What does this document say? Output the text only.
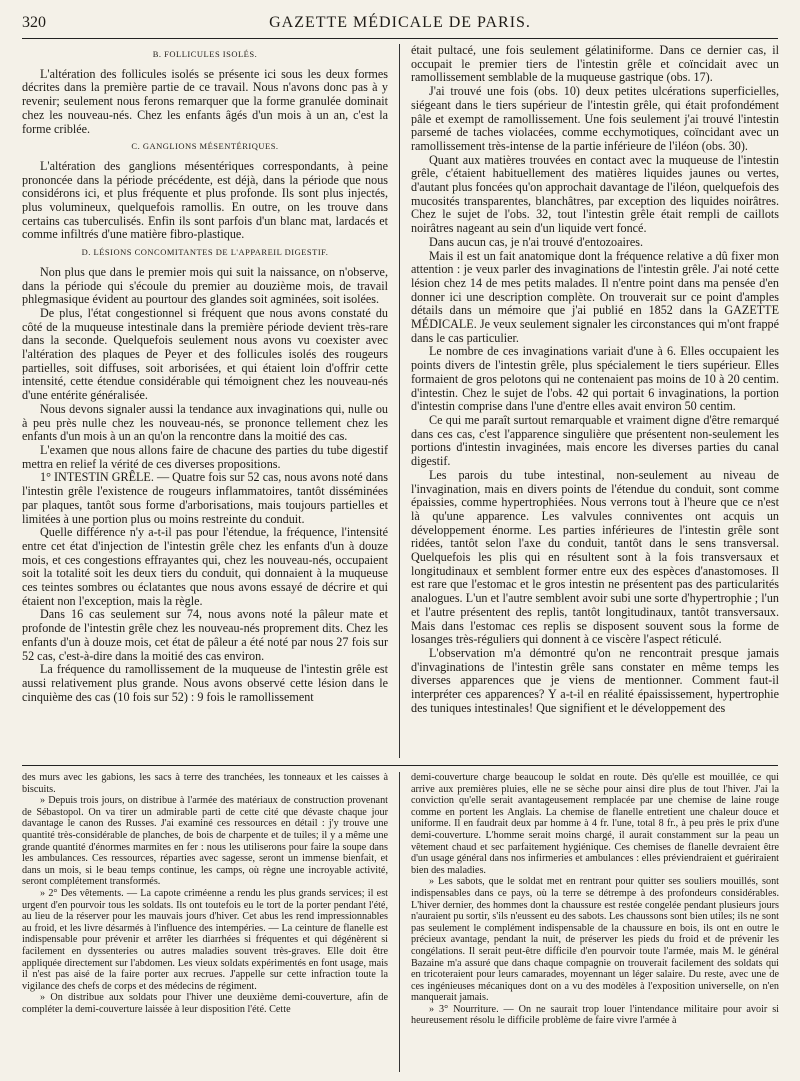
320	GAZETTE MÉDICALE DE PARIS.
B. FOLLICULES ISOLÉS.

L'altération des follicules isolés se présente ici sous les deux formes décrites dans la première partie de ce travail. Nous n'avons donc pas à y revenir; seulement nous ferons remarquer que la forme granulée dominait chez les nouveau-nés. Chez les enfants âgés d'un mois à un an, c'est la forme criblée.

C. GANGLIONS MÉSENTÉRIQUES.

L'altération des ganglions mésentériques correspondants, à peine prononcée dans la période précédente, est déjà, dans la période que nous considérons ici, et plus fréquente et plus profonde. Ils sont plus injectés, plus volumineux, quelquefois ramollis. En outre, on les trouve dans certains cas tuberculisés. Enfin ils sont parfois d'un blanc mat, lardacés et comme infiltrés d'une matière fibro-plastique.

D. LÉSIONS CONCOMITANTES DE L'APPAREIL DIGESTIF.

Non plus que dans le premier mois qui suit la naissance, on n'observe, dans la période qui s'écoule du premier au douzième mois, de travail phlegmasique évident au pourtour des glandes soit agminées, soit isolées.

De plus, l'état congestionnel si fréquent que nous avons constaté du côté de la muqueuse intestinale dans la première période devient très-rare dans la seconde. Quelquefois seulement nous avons vu coexister avec l'altération des plaques de Peyer et des follicules isolés des rougeurs partielles, soit diffuses, soit arborisées, et qui étaient loin d'offrir cette intensité, cette étendue considérable qui témoignent chez les nouveau-nés d'une entérite généralisée.

Nous devons signaler aussi la tendance aux invaginations qui, nulle ou à peu près nulle chez les nouveau-nés, se prononce tellement chez les enfants d'un mois à un an qu'on la rencontre dans la moitié des cas.

L'examen que nous allons faire de chacune des parties du tube digestif mettra en relief la vérité de ces diverses propositions.

1° INTESTIN GRÊLE. — Quatre fois sur 52 cas, nous avons noté dans l'intestin grêle l'existence de rougeurs inflammatoires, tantôt disséminées par plaques, tantôt sous forme d'arborisations, mais toujours partielles et limitées à une portion plus ou moins restreinte du conduit.

Quelle différence n'y a-t-il pas pour l'étendue, la fréquence, l'intensité entre cet état d'injection de l'intestin grêle chez les enfants d'un à douze mois, et ces congestions effrayantes qui, chez les nouveau-nés, occupaient soit la totalité soit les deux tiers du conduit, qui donnaient à la muqueuse ces teintes sombres ou éclatantes que nous avons essayé de décrire et qui étaient non l'exception, mais la règle.

Dans 16 cas seulement sur 74, nous avons noté la pâleur mate et profonde de l'intestin grêle chez les nouveau-nés proprement dits. Chez les enfants d'un à douze mois, cet état de pâleur a été noté par nous 27 fois sur 52 cas, c'est-à-dire dans la moitié des cas environ.

La fréquence du ramollissement de la muqueuse de l'intestin grêle est aussi relativement plus grande. Nous avons observé cette lésion dans le cinquième des cas (10 fois sur 52) : 9 fois le ramollissement

était pultacé, une fois seulement gélatiniforme. Dans ce dernier cas, il occupait le premier tiers de l'intestin grêle et coïncidait avec un ramollissement semblable de la muqueuse gastrique (obs. 17).

J'ai trouvé une fois (obs. 10) deux petites ulcérations superficielles, siégeant dans le tiers supérieur de l'intestin grêle, qui était profondément pâle et exempt de ramollissement. Une fois seulement j'ai trouvé l'intestin parsemé de taches violacées, comme ecchymotiques, coïncidant avec un ramollissement très-intense de la partie inférieure de l'iléon (obs. 30).

Quant aux matières trouvées en contact avec la muqueuse de l'intestin grêle, c'étaient habituellement des matières liquides jaunes ou vertes, d'autant plus foncées qu'on approchait davantage de l'iléon, quelquefois des mucosités transparentes, blanchâtres, par exception des liquides noirâtres. Chez le sujet de l'obs. 32, tout l'intestin grêle était rempli de caillots noirâtres nageant au sein d'un liquide vert foncé.

Dans aucun cas, je n'ai trouvé d'entozoaires.

Mais il est un fait anatomique dont la fréquence relative a dû fixer mon attention : je veux parler des invaginations de l'intestin grêle. J'ai noté cette lésion chez 14 de mes petits malades. Il n'entre point dans ma pensée d'en donner ici une description complète. On trouverait sur ce point d'amples détails dans un mémoire que j'ai publié en 1852 dans la GAZETTE MÉDICALE. Je veux seulement signaler les circonstances qui m'ont frappé dans le cas particulier.

Le nombre de ces invaginations variait d'une à 6. Elles occupaient les points divers de l'intestin grêle, plus spécialement le tiers supérieur. Elles formaient de gros pelotons qui ne contenaient pas moins de 10 à 20 centim. d'intestin. Chez le sujet de l'obs. 42 qui portait 6 invaginations, la portion d'intestin comprise dans l'une d'entre elles avait environ 50 centim.

Ce qui me paraît surtout remarquable et vraiment digne d'être remarqué dans ces cas, c'est l'apparence singulière que présentent non-seulement les portions d'intestin invaginées, mais encore les diverses parties du canal digestif.

Les parois du tube intestinal, non-seulement au niveau de l'invagination, mais en divers points de l'étendue du conduit, sont comme épaissies, comme hypertrophiées. Nous verrons tout à l'heure que ce n'est là qu'une apparence. Les valvules conniventes ont acquis un développement énorme. Les parties inférieures de l'intestin grêle sont ridées, tantôt selon l'axe du conduit, tantôt dans le sens transversal. Quelquefois les plis qui en résultent sont à la fois transversaux et longitudinaux et semblent former entre eux des espèces d'anastomoses. Il est rare que l'estomac et le gros intestin ne présentent pas des particularités analogues. L'un et l'autre semblent avoir subi une sorte d'hypertrophie ; l'un et l'autre présentent des replis, tantôt longitudinaux, tantôt transversaux. Mais dans l'estomac ces replis se disposent souvent sous la forme de losanges très-réguliers qui donnent à ce viscère l'aspect réticulé.

L'observation m'a démontré qu'on ne rencontrait presque jamais d'invaginations de l'intestin grêle sans constater en même temps les diverses apparences que je viens de mentionner. Comment faut-il interpréter ces apparences? Y a-t-il en réalité épaississement, hypertrophie des tuniques intestinales! Que signifient et le développement des

des murs avec les gabions, les sacs à terre des tranchées, les tonneaux et les caisses à biscuits.

» Depuis trois jours, on distribue à l'armée des matériaux de construction provenant de Sébastopol. On va tirer un admirable parti de cette cité que dévaste chaque jour davantage le canon des Russes. J'ai examiné ces ressources en détail : j'y trouve une quantité très-considérable de planches, de bois de charpente et de tuiles; il y a même une grande quantité d'énormes marmites en fer : nous les utiliserons pour faire la soupe dans les ambulances. Ces ressources, réparties avec sagesse, seront un immense bienfait, et dans un mois, si le beau temps continue, les camps, où règne une incroyable activité, seront complétement transformés.

» 2° Des vêtements. — La capote criméenne a rendu les plus grands services; il est urgent d'en pourvoir tous les soldats. Ils ont toutefois eu le tort de la porter pendant l'été, au lieu de la réserver pour les mauvais jours d'hiver. Cet abus les rend impressionnables au froid, et les livre désarmés à l'influence des intempéries. — La ceinture de flanelle est indispensable pour prévenir et arrêter les diarrhées si fréquentes et qui dégénèrent si facilement en dyssenteries ou autres maladies souvent très-graves. Elle doit être appliquée directement sur l'abdomen. Les vieux soldats expérimentés en font usage, mais il n'est pas aisé de la faire porter aux recrues. J'appelle sur cette infraction toute la vigilance des chefs de corps et des médecins de régiment.

» On distribue aux soldats pour l'hiver une deuxième demi-couverture, afin de compléter la demi-couverture laissée à leur disposition l'été. Cette

demi-couverture charge beaucoup le soldat en route. Dès qu'elle est mouillée, ce qui arrive aux premières pluies, elle ne se sèche pour ainsi dire plus de tout l'hiver. J'ai la conviction qu'elle serait avantageusement remplacée par une chemise de laine rouge comme en portent les Anglais. La chemise de flanelle entretient une chaleur douce et uniforme. Il en faudrait deux par homme à 4 fr. l'une, total 8 fr., à peu près le prix d'une demi-couverture. L'homme serait moins chargé, il aurait constamment sur la peau un vêtement chaud et sec parfaitement hygiénique. Ces chemises de flanelle devraient être d'un usage général dans nos infirmeries et ambulances : elles préviendraient et guériraient bien des maladies.

» Les sabots, que le soldat met en rentrant pour quitter ses souliers mouillés, sont indispensables dans ce pays, où la terre se détrempe à des profondeurs considérables. L'hiver dernier, des hommes dont la chaussure est restée congelée pendant plusieurs jours n'auraient pu sortir, s'ils n'eussent eu des sabots. Les chaussons sont bien utiles; ils ne sont pas seulement le complément indispensable de la chaussure en bois, ils ont en outre le précieux avantage, pendant la nuit, de préserver les pieds du froid et de prévenir les congélations. Il serait peut-être difficile d'en pourvoir toute l'armée, mais M. le général Bazaine m'a assuré que dans chaque compagnie on trouverait facilement des soldats qui en tricoteraient pour leurs camarades, moyennant un léger salaire. Du reste, avec une de ces ingénieuses mécaniques dont on a vu des modèles à l'exposition universelle, on n'en manquerait jamais.

» 3° Nourriture. — On ne saurait trop louer l'intendance militaire pour avoir si heureusement résolu le difficile problème de faire vivre l'armée à
